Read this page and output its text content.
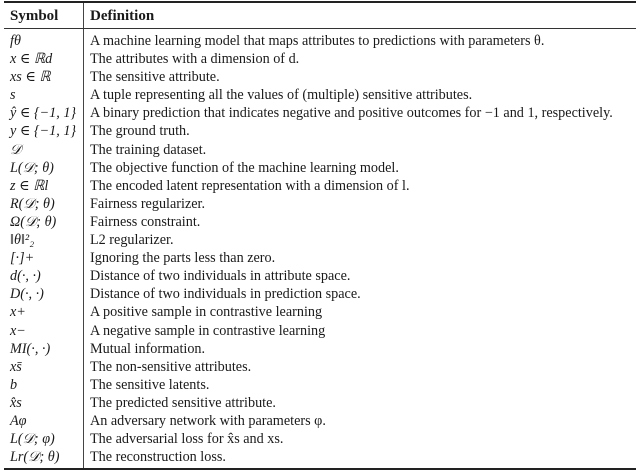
Symbol	Definition
fθ	A machine learning model that maps attributes to predictions with parameters θ.
x ∈ ℝd	The attributes with a dimension of d.
xs ∈ ℝ	The sensitive attribute.
s	A tuple representing all the values of (multiple) sensitive attributes.
ŷ ∈ {−1, 1}	A binary prediction that indicates negative and positive outcomes for −1 and 1, respectively.
y ∈ {−1, 1}	The ground truth.
𝒟	The training dataset.
L(𝒟; θ)	The objective function of the machine learning model.
z ∈ ℝl	The encoded latent representation with a dimension of l.
R(𝒟; θ)	Fairness regularizer.
Ω(𝒟; θ)	Fairness constraint.
‖θ‖²₂	L2 regularizer.
[·]+	Ignoring the parts less than zero.
d(·, ·)	Distance of two individuals in attribute space.
D(·, ·)	Distance of two individuals in prediction space.
x+	A positive sample in contrastive learning
x−	A negative sample in contrastive learning
MI(·, ·)	Mutual information.
xs̄	The non-sensitive attributes.
b	The sensitive latents.
x̂s	The predicted sensitive attribute.
Aφ	An adversary network with parameters φ.
L(𝒟; φ)	The adversarial loss for x̂s and xs.
Lr(𝒟; θ)	The reconstruction loss.
